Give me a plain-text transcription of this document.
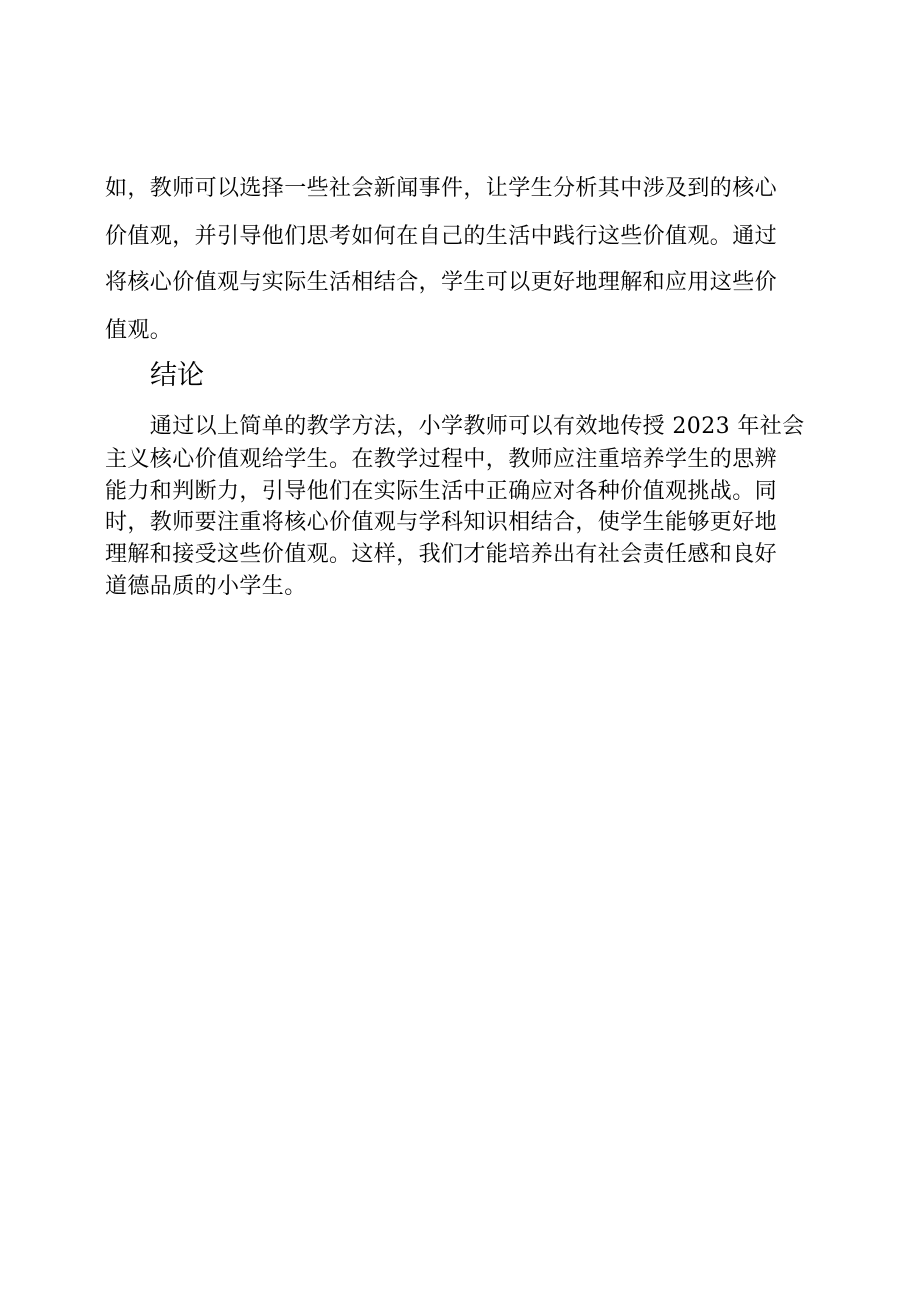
如，教师可以选择一些社会新闻事件，让学生分析其中涉及到的核心
价值观，并引导他们思考如何在自己的生活中践行这些价值观。通过
将核心价值观与实际生活相结合，学生可以更好地理解和应用这些价
值观。
结论
　　通过以上简单的教学方法，小学教师可以有效地传授 2023 年社会
主义核心价值观给学生。在教学过程中，教师应注重培养学生的思辨
能力和判断力，引导他们在实际生活中正确应对各种价值观挑战。同
时，教师要注重将核心价值观与学科知识相结合，使学生能够更好地
理解和接受这些价值观。这样，我们才能培养出有社会责任感和良好
道德品质的小学生。
